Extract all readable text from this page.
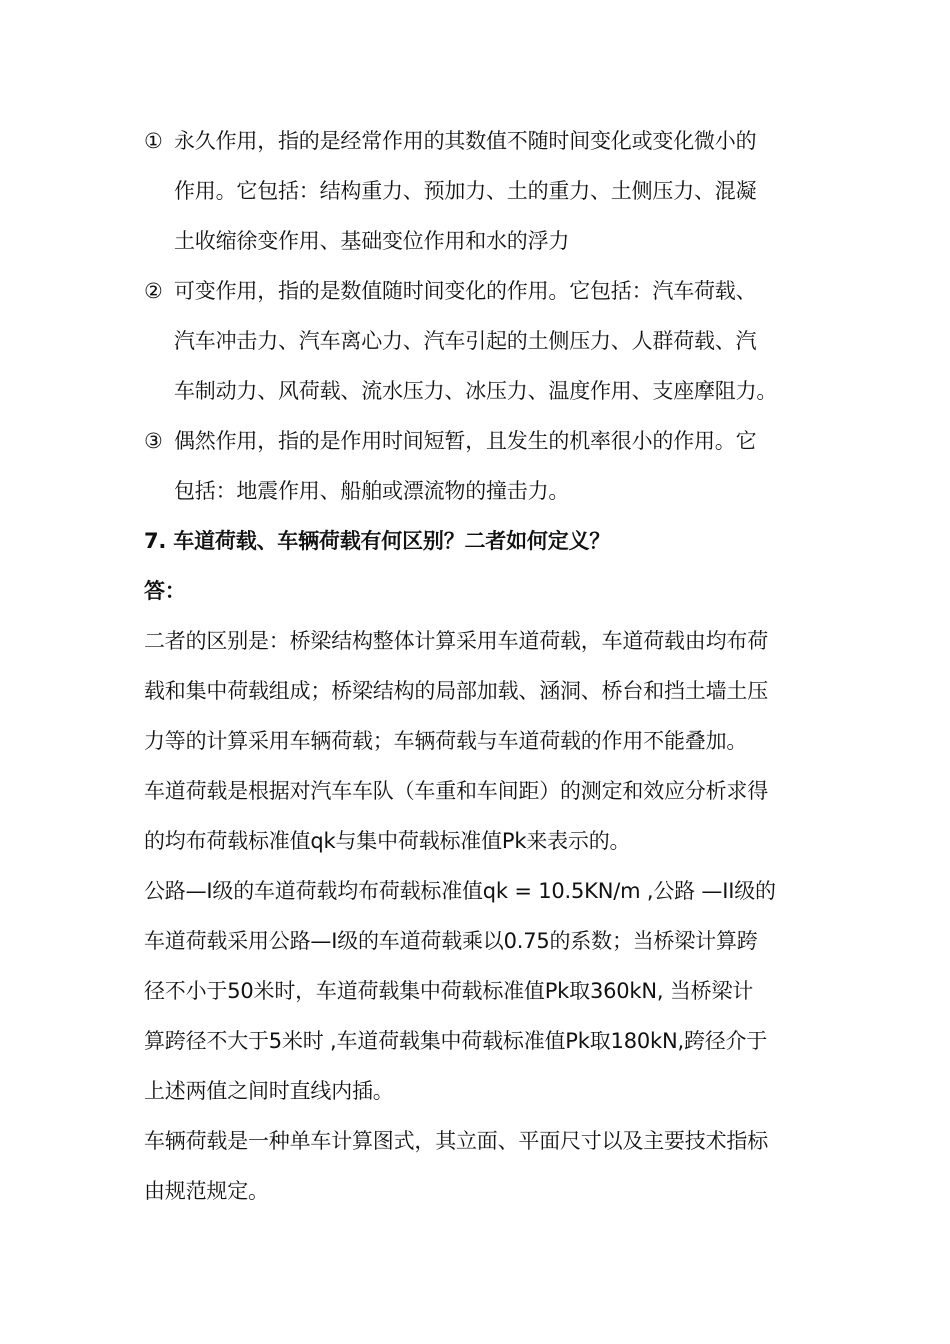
① 永久作用，指的是经常作用的其数值不随时间变化或变化微小的
作用。它包括：结构重力、预加力、土的重力、土侧压力、混凝
土收缩徐变作用、基础变位作用和水的浮力
② 可变作用，指的是数值随时间变化的作用。它包括：汽车荷载、
汽车冲击力、汽车离心力、汽车引起的土侧压力、人群荷载、汽
车制动力、风荷载、流水压力、冰压力、温度作用、支座摩阻力。
③ 偶然作用，指的是作用时间短暂，且发生的机率很小的作用。它
包括：地震作用、船舶或漂流物的撞击力。
7. 车道荷载、车辆荷载有何区别？二者如何定义？
答：
二者的区别是：桥梁结构整体计算采用车道荷载，车道荷载由均布荷
载和集中荷载组成；桥梁结构的局部加载、涵洞、桥台和挡土墙土压
力等的计算采用车辆荷载；车辆荷载与车道荷载的作用不能叠加。
车道荷载是根据对汽车车队（车重和车间距）的测定和效应分析求得
的均布荷载标准值qk与集中荷载标准值Pk来表示的。
公路—I级的车道荷载均布荷载标准值qk = 10.5KN/m ,公路 —II级的
车道荷载采用公路—I级的车道荷载乘以0.75的系数；当桥梁计算跨
径不小于50米时，车道荷载集中荷载标准值Pk取360kN, 当桥梁计
算跨径不大于5米时 ,车道荷载集中荷载标准值Pk取180kN,跨径介于
上述两值之间时直线内插。
车辆荷载是一种单车计算图式，其立面、平面尺寸以及主要技术指标
由规范规定。
